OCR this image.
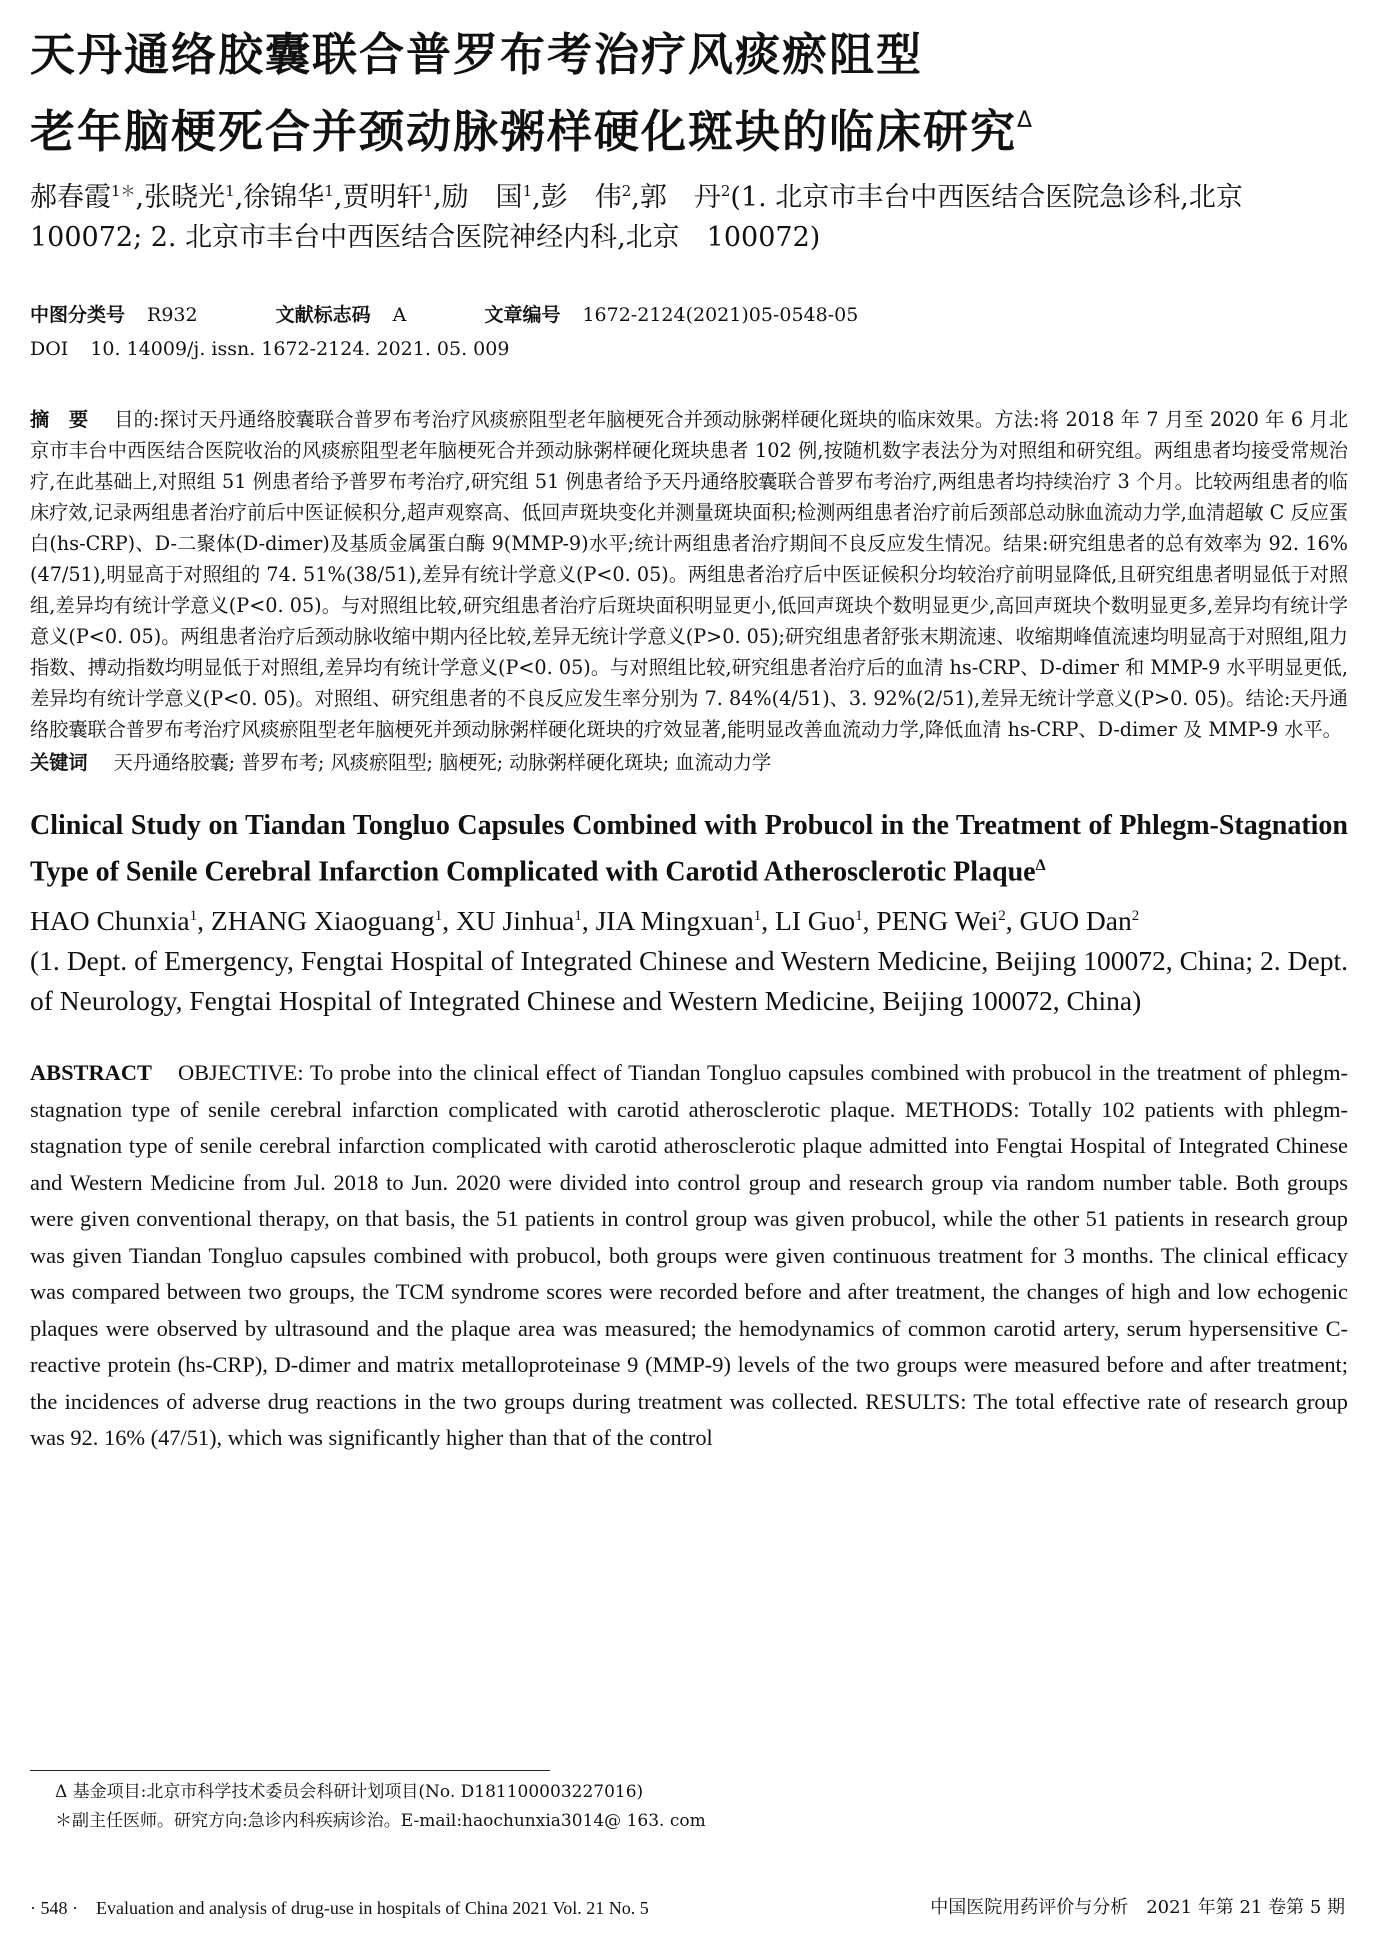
天丹通络胶囊联合普罗布考治疗风痰瘀阻型
老年脑梗死合并颈动脉粥样硬化斑块的临床研究$^\Delta$

郝春霞$^{1*}$,张晓光$^1$,徐锦华$^1$,贾明轩$^1$,励　国$^1$,彭　伟$^2$,郭　丹$^2$(1. 北京市丰台中西医结合医院急诊科,北京 100072; 2. 北京市丰台中西医结合医院神经内科,北京　100072)

中图分类号 R932	文献标志码 A	文章编号 1672-2124(2021)05-0548-05
DOI 10. 14009/j. issn. 1672-2124. 2021. 05. 009
摘　要 目的:探讨天丹通络胶囊联合普罗布考治疗风痰瘀阻型老年脑梗死合并颈动脉粥样硬化斑块的临床效果。方法:将 2018 年 7 月至 2020 年 6 月北京市丰台中西医结合医院收治的风痰瘀阻型老年脑梗死合并颈动脉粥样硬化斑块患者 102 例,按随机数字表法分为对照组和研究组。两组患者均接受常规治疗,在此基础上,对照组 51 例患者给予普罗布考治疗,研究组 51 例患者给予天丹通络胶囊联合普罗布考治疗,两组患者均持续治疗 3 个月。比较两组患者的临床疗效,记录两组患者治疗前后中医证候积分,超声观察高、低回声斑块变化并测量斑块面积;检测两组患者治疗前后颈部总动脉血流动力学,血清超敏 C 反应蛋白(hs-CRP)、D-二聚体(D-dimer)及基质金属蛋白酶 9(MMP-9)水平;统计两组患者治疗期间不良反应发生情况。结果:研究组患者的总有效率为 92. 16%(47/51),明显高于对照组的 74. 51%(38/51),差异有统计学意义(P<0. 05)。两组患者治疗后中医证候积分均较治疗前明显降低,且研究组患者明显低于对照组,差异均有统计学意义(P<0. 05)。与对照组比较,研究组患者治疗后斑块面积明显更小,低回声斑块个数明显更少,高回声斑块个数明显更多,差异均有统计学意义(P<0. 05)。两组患者治疗后颈动脉收缩中期内径比较,差异无统计学意义(P>0. 05);研究组患者舒张末期流速、收缩期峰值流速均明显高于对照组,阻力指数、搏动指数均明显低于对照组,差异均有统计学意义(P<0. 05)。与对照组比较,研究组患者治疗后的血清 hs-CRP、D-dimer 和 MMP-9 水平明显更低,差异均有统计学意义(P<0. 05)。对照组、研究组患者的不良反应发生率分别为 7. 84%(4/51)、3. 92%(2/51),差异无统计学意义(P>0. 05)。结论:天丹通络胶囊联合普罗布考治疗风痰瘀阻型老年脑梗死并颈动脉粥样硬化斑块的疗效显著,能明显改善血流动力学,降低血清 hs-CRP、D-dimer 及 MMP-9 水平。
关键词 天丹通络胶囊; 普罗布考; 风痰瘀阻型; 脑梗死; 动脉粥样硬化斑块; 血流动力学
Clinical Study on Tiandan Tongluo Capsules Combined with Probucol in the Treatment of Phlegm-Stagnation Type of Senile Cerebral Infarction Complicated with Carotid Atherosclerotic Plaque$^\Delta$
HAO Chunxia$^1$, ZHANG Xiaoguang$^1$, XU Jinhua$^1$, JIA Mingxuan$^1$, LI Guo$^1$, PENG Wei$^2$, GUO Dan$^2$
(1. Dept. of Emergency, Fengtai Hospital of Integrated Chinese and Western Medicine, Beijing 100072, China; 2. Dept. of Neurology, Fengtai Hospital of Integrated Chinese and Western Medicine, Beijing 100072, China)
ABSTRACT OBJECTIVE: To probe into the clinical effect of Tiandan Tongluo capsules combined with probucol in the treatment of phlegm-stagnation type of senile cerebral infarction complicated with carotid atherosclerotic plaque. METHODS: Totally 102 patients with phlegm-stagnation type of senile cerebral infarction complicated with carotid atherosclerotic plaque admitted into Fengtai Hospital of Integrated Chinese and Western Medicine from Jul. 2018 to Jun. 2020 were divided into control group and research group via random number table. Both groups were given conventional therapy, on that basis, the 51 patients in control group was given probucol, while the other 51 patients in research group was given Tiandan Tongluo capsules combined with probucol, both groups were given continuous treatment for 3 months. The clinical efficacy was compared between two groups, the TCM syndrome scores were recorded before and after treatment, the changes of high and low echogenic plaques were observed by ultrasound and the plaque area was measured; the hemodynamics of common carotid artery, serum hypersensitive C-reactive protein (hs-CRP), D-dimer and matrix metalloproteinase 9 (MMP-9) levels of the two groups were measured before and after treatment; the incidences of adverse drug reactions in the two groups during treatment was collected. RESULTS: The total effective rate of research group was 92. 16% (47/51), which was significantly higher than that of the control
Δ 基金项目:北京市科学技术委员会科研计划项目(No. D181100003227016)
＊副主任医师。研究方向:急诊内科疾病诊治。E-mail:haochunxia3014@ 163. com
· 548 ·　Evaluation and analysis of drug-use in hospitals of China 2021 Vol. 21 No. 5	中国医院用药评价与分析　2021 年第 21 卷第 5 期
